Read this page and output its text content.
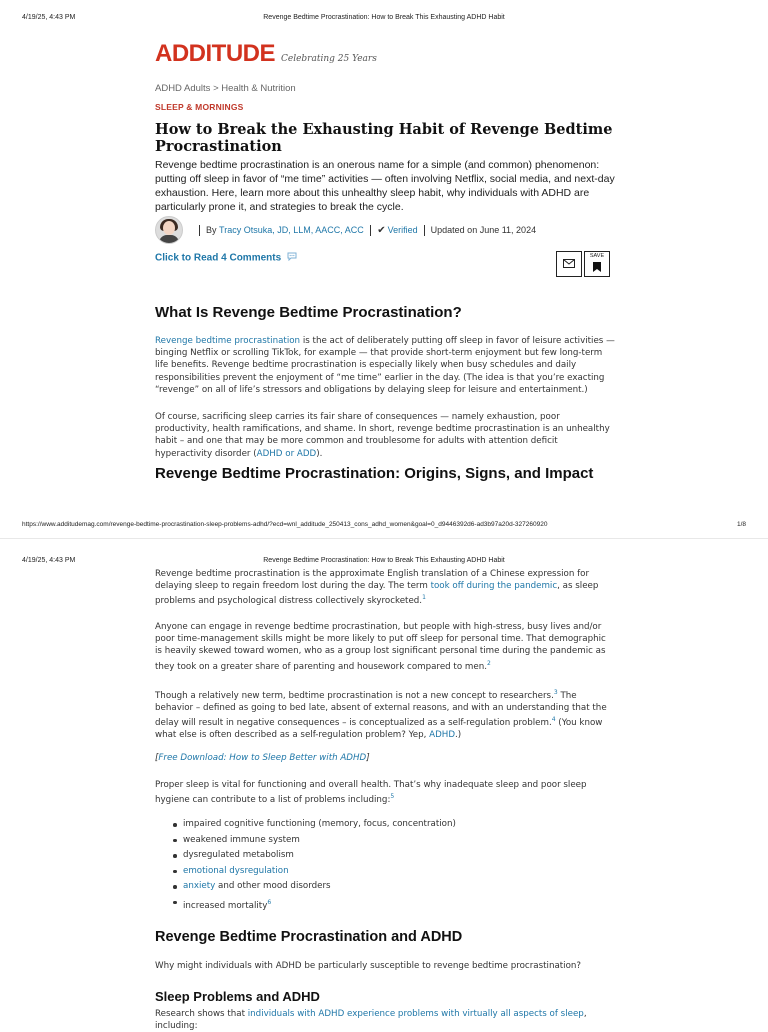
4/19/25, 4:43 PM	Revenge Bedtime Procrastination: How to Break This Exhausting ADHD Habit
ADDITUDE Celebrating 25 Years
ADHD Adults > Health & Nutrition
SLEEP & MORNINGS
How to Break the Exhausting Habit of Revenge Bedtime Procrastination
Revenge bedtime procrastination is an onerous name for a simple (and common) phenomenon: putting off sleep in favor of “me time” activities — often involving Netflix, social media, and next-day exhaustion. Here, learn more about this unhealthy sleep habit, why individuals with ADHD are particularly prone it, and strategies to break the cycle.
By
Tracy Otsuka, JD, LLM, AACC, ACC ✔ Verified Updated on June 11, 2024
Click to Read 4 Comments	SAVE
What Is Revenge Bedtime Procrastination?
Revenge bedtime procrastination is the act of deliberately putting off sleep in favor of leisure activities — binging Netflix or scrolling TikTok, for example — that provide short-term enjoyment but few long-term life benefits. Revenge bedtime procrastination is especially likely when busy schedules and daily responsibilities prevent the enjoyment of “me time” earlier in the day. (The idea is that you’re exacting “revenge” on all of life’s stressors and obligations by delaying sleep for leisure and entertainment.)
Of course, sacrificing sleep carries its fair share of consequences — namely exhaustion, poor productivity, health ramifications, and shame. In short, revenge bedtime procrastination is an unhealthy habit – and one that may be more common and troublesome for adults with attention deficit hyperactivity disorder (ADHD or ADD).
Revenge Bedtime Procrastination: Origins, Signs, and Impact
https://www.additudemag.com/revenge-bedtime-procrastination-sleep-problems-adhd/?ecd=wnl_additude_250413_cons_adhd_women&goal=0_d9446392d6-ad3b97a20d-327260920	1/8
4/19/25, 4:43 PM	Revenge Bedtime Procrastination: How to Break This Exhausting ADHD Habit
Revenge bedtime procrastination is the approximate English translation of a Chinese expression for delaying sleep to regain freedom lost during the day. The term took off during the pandemic, as sleep problems and psychological distress collectively skyrocketed.$^1$
Anyone can engage in revenge bedtime procrastination, but people with high-stress, busy lives and/or poor time-management skills might be more likely to put off sleep for personal time. That demographic is heavily skewed toward women, who as a group lost significant personal time during the pandemic as they took on a greater share of parenting and housework compared to men.$^2$
Though a relatively new term, bedtime procrastination is not a new concept to researchers.$^3$ The behavior – defined as going to bed late, absent of external reasons, and with an understanding that the delay will result in negative consequences – is conceptualized as a self-regulation problem.$^4$ (You know what else is often described as a self-regulation problem? Yep, ADHD.)
[Free Download: How to Sleep Better with ADHD]
Proper sleep is vital for functioning and overall health. That’s why inadequate sleep and poor sleep hygiene can contribute to a list of problems including:$^5$
impaired cognitive functioning (memory, focus, concentration)
weakened immune system
dysregulated metabolism
emotional dysregulation
anxiety and other mood disorders
increased mortality$^6$
Revenge Bedtime Procrastination and ADHD
Why might individuals with ADHD be particularly susceptible to revenge bedtime procrastination?
Sleep Problems and ADHD
Research shows that individuals with ADHD experience problems with virtually all aspects of sleep, including:
